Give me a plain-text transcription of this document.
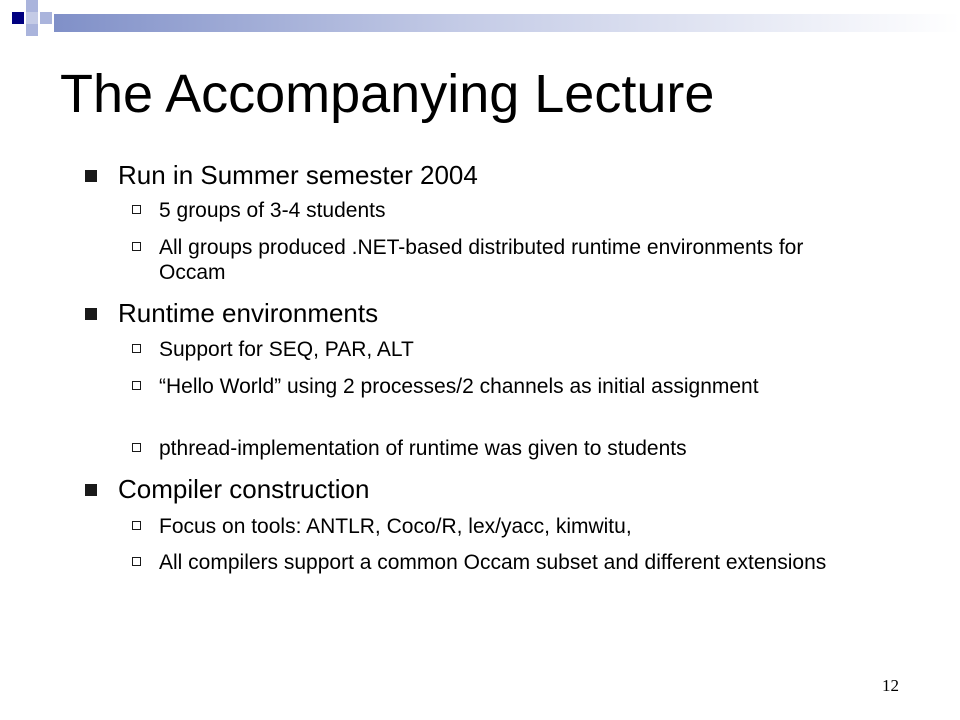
The Accompanying Lecture
Run in Summer semester 2004
5 groups of 3-4 students
All groups produced .NET-based distributed runtime environments for Occam
Runtime environments
Support for SEQ, PAR, ALT
“Hello World” using 2 processes/2 channels as initial assignment
pthread-implementation of runtime was given to students
Compiler construction
Focus on tools: ANTLR, Coco/R, lex/yacc, kimwitu,
All compilers support a common Occam subset and different extensions
12
